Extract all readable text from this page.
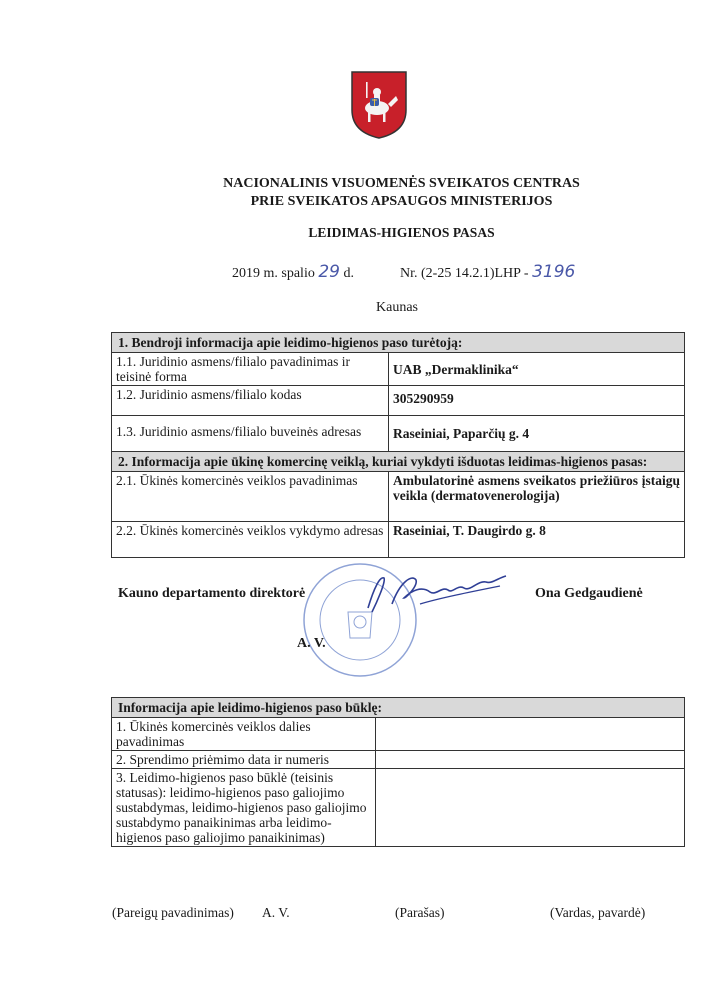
NACIONALINIS VISUOMENĖS SVEIKATOS CENTRAS
PRIE SVEIKATOS APSAUGOS MINISTERIJOS
LEIDIMAS-HIGIENOS PASAS
2019 m. spalio 29 d.	Nr. (2-25 14.2.1)LHP - 3196
Kaunas
1. Bendroji informacija apie leidimo-higienos paso turėtoją:	
1.1. Juridinio asmens/filialo pavadinimas ir teisinė forma	UAB „Dermaklinika“
1.2. Juridinio asmens/filialo kodas	305290959
1.3. Juridinio asmens/filialo buveinės adresas	Raseiniai, Paparčių g. 4
2. Informacija apie ūkinę komercinę veiklą, kuriai vykdyti išduotas leidimas-higienos pasas:	
2.1. Ūkinės komercinės veiklos pavadinimas	Ambulatorinė asmens sveikatos priežiūros įstaigų veikla (dermatovenerologija)
2.2. Ūkinės komercinės veiklos vykdymo adresas	Raseiniai, T. Daugirdo g. 8
Kauno departamento direktorė	Ona Gedgaudienė
A. V.
Informacija apie leidimo-higienos paso būklę:	
1. Ūkinės komercinės veiklos dalies pavadinimas	
2. Sprendimo priėmimo data ir numeris	
3. Leidimo-higienos paso būklė (teisinis statusas): leidimo-higienos paso galiojimo sustabdymas, leidimo-higienos paso galiojimo sustabdymo panaikinimas arba leidimo-higienos paso galiojimo panaikinimas)	
(Pareigų pavadinimas) A. V.	(Parašas)	(Vardas, pavardė)
